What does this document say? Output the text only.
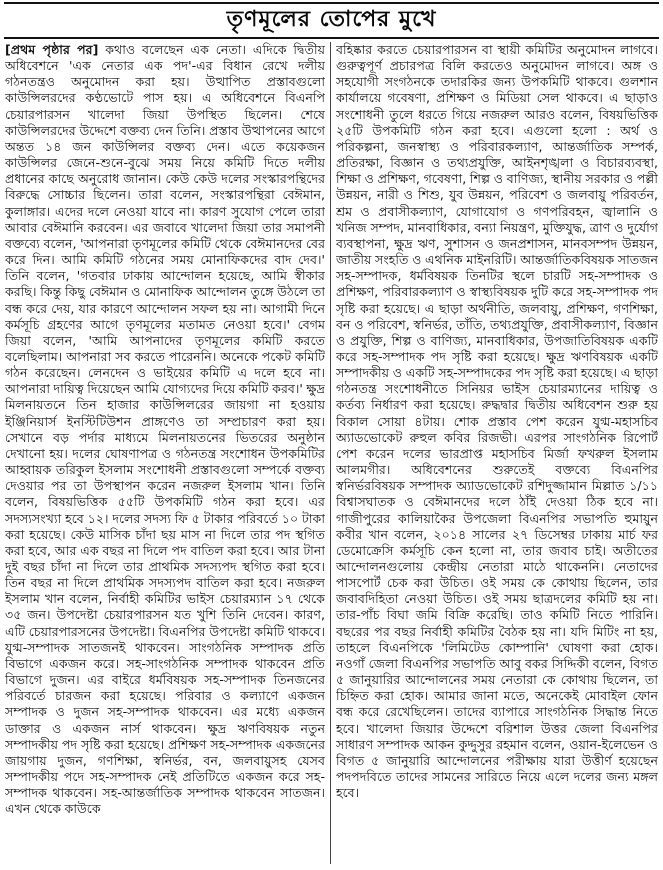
তৃণমূলের তোপের মুখে

[প্রথম পৃষ্ঠার পর] কথাও বলেছেন এক নেতা। এদিকে দ্বিতীয় অধিবেশনে 'এক নেতার এক পদ'-এর বিধান রেখে দলীয় গঠনতন্ত্রও অনুমোদন করা হয়। উত্থাপিত প্রস্তাবগুলো কাউন্সিলরদের কণ্ঠভোটে পাস হয়। এ অধিবেশনে বিএনপি চেয়ারপারসন খালেদা জিয়া উপস্থিত ছিলেন। শেষে কাউন্সিলরদের উদ্দেশে বক্তব্য দেন তিনি। প্রস্তাব উত্থাপনের আগে অন্তত ১৪ জন কাউন্সিলর বক্তব্য দেন। এতে কয়েকজন কাউন্সিলর জেনে-শুনে-বুঝে সময় নিয়ে কমিটি দিতে দলীয় প্রধানের কাছে অনুরোধ জানান। কেউ কেউ দলের সংস্কারপন্থিদের বিরুদ্ধে সোচ্চার ছিলেন। তারা বলেন, সংস্কারপন্থিরা বেঈমান, কুলাঙ্গার। এদের দলে নেওয়া যাবে না। কারণ সুযোগ পেলে তারা আবার বেঈমানি করবেন। এর জবাবে খালেদা জিয়া তার সমাপনী বক্তব্যে বলেন, 'আপনারা তৃণমূলের কমিটি থেকে বেঈমানদের বের করে দিন। আমি কমিটি গঠনের সময় মোনাফিকদের বাদ দেব।' তিনি বলেন, 'গতবার ঢাকায় আন্দোলন হয়েছে, আমি স্বীকার করছি। কিন্তু কিছু বেঈমান ও মোনাফিক আন্দোলন তুঙ্গে উঠলে তা বন্ধ করে দেয়, যার কারণে আন্দোলন সফল হয় না। আগামী দিনে কর্মসূচি গ্রহণের আগে তৃণমূলের মতামত নেওয়া হবে।' বেগম জিয়া বলেন, 'আমি আপনাদের তৃণমূলের কমিটি করতে বলেছিলাম। আপনারা সব করতে পারেননি। অনেকে পকেট কমিটি গঠন করেছেন। লেনদেন ও ভাইয়ের কমিটি এ দলে হবে না। আপনারা দায়িত্ব দিয়েছেন আমি যোগ্যদের দিয়ে কমিটি করব।' ক্ষুদ্র মিলনায়তনে তিন হাজার কাউন্সিলরের জায়গা না হওয়ায় ইঞ্জিনিয়ার্স ইনস্টিটিউশন প্রাঙ্গণেও তা সম্প্রচারণ করা হয়। সেখানে বড় পর্দার মাধ্যমে মিলনায়তনের ভিতরের অনুষ্ঠান দেখানো হয়। দলের ঘোষণাপত্র ও গঠনতন্ত্র সংশোধন উপকমিটির আহ্বায়ক তরিকুল ইসলাম সংশোধনী প্রস্তাবগুলো সম্পর্কে বক্তব্য দেওয়ার পর তা উপস্থাপন করেন নজরুল ইসলাম খান। তিনি বলেন, বিষয়ভিত্তিক ৫৫টি উপকমিটি গঠন করা হবে। এর সদস্যসংখ্যা হবে ১২। দলের সদস্য ফি ৫ টাকার পরিবর্তে ১০ টাকা করা হয়েছে। কেউ মাসিক চাঁদা ছয় মাস না দিলে তার পদ স্থগিত করা হবে, আর এক বছর না দিলে পদ বাতিল করা হবে। আর টানা দুই বছর চাঁদা না দিলে তার প্রাথমিক সদস্যপদ স্থগিত করা হবে। তিন বছর না দিলে প্রাথমিক সদস্যপদ বাতিল করা হবে। নজরুল ইসলাম খান বলেন, নির্বাহী কমিটির ভাইস চেয়ারম্যান ১৭ থেকে ৩৫ জন। উপদেষ্টা চেয়ারপারসন যত খুশি তিনি দেবেন। কারণ, এটি চেয়ারপারসনের উপদেষ্টা। বিএনপির উপদেষ্টা কমিটি থাকবে। যুগ্ম-সম্পাদক সাতজনই থাকবেন। সাংগঠনিক সম্পাদক প্রতি বিভাগে একজন করে। সহ-সাংগঠনিক সম্পাদক থাকবেন প্রতি বিভাগে দুজন। এর বাইরে ধর্মবিষয়ক সহ-সম্পাদক তিনজনের পরিবর্তে চারজন করা হয়েছে। পরিবার ও কল্যাণে একজন সম্পাদক ও দুজন সহ-সম্পাদক থাকবেন। এর মধ্যে একজন ডাক্তার ও একজন নার্স থাকবেন। ক্ষুদ্র ঋণবিষয়ক নতুন সম্পাদকীয় পদ সৃষ্টি করা হয়েছে। প্রশিক্ষণ সহ-সম্পাদক একজনের জায়গায় দুজন, গণশিক্ষা, স্বনির্ভর, বন, জলবায়ুসহ যেসব সম্পাদকীয় পদে সহ-সম্পাদক নেই প্রতিটিতে একজন করে সহ-সম্পাদক থাকবেন। সহ-আন্তর্জাতিক সম্পাদক থাকবেন সাতজন। এখন থেকে কাউকে

বহিষ্কার করতে চেয়ারপারসন বা স্থায়ী কমিটির অনুমোদন লাগবে। গুরুত্বপূর্ণ প্রচারপত্র বিলি করতেও অনুমোদন লাগবে। অঙ্গ ও সহযোগী সংগঠনকে তদারকির জন্য উপকমিটি থাকবে। গুলশান কার্যালয়ে গবেষণা, প্রশিক্ষণ ও মিডিয়া সেল থাকবে। এ ছাড়াও সংশোধনী তুলে ধরতে গিয়ে নজরুল আরও বলেন, বিষয়ভিত্তিক ২৫টি উপকমিটি গঠন করা হবে। এগুলো হলো : অর্থ ও পরিকল্পনা, জনস্বাস্থ্য ও পরিবারকল্যাণ, আন্তর্জাতিক সম্পর্ক, প্রতিরক্ষা, বিজ্ঞান ও তথ্যপ্রযুক্তি, আইনশৃঙ্খলা ও বিচারব্যবস্থা, শিক্ষা ও প্রশিক্ষণ, গবেষণা, শিল্প ও বাণিজ্য, স্থানীয় সরকার ও পল্লী উন্নয়ন, নারী ও শিশু, যুব উন্নয়ন, পরিবেশ ও জলবায়ু পরিবর্তন, শ্রম ও প্রবাসীকল্যাণ, যোগাযোগ ও গণপরিবহন, জ্বালানি ও খনিজ সম্পদ, মানবাধিকার, বন্যা নিয়ন্ত্রণ, মুক্তিযুদ্ধ, ত্রাণ ও দুর্যোগ ব্যবস্থাপনা, ক্ষুদ্র ঋণ, সুশাসন ও জনপ্রশাসন, মানবসম্পদ উন্নয়ন, জাতীয় সংহতি ও এথনিক মাইনরিটি। আন্তর্জাতিকবিষয়ক সাতজন সহ-সম্পাদক, ধর্মবিষয়ক তিনটির স্থলে চারটি সহ-সম্পাদক ও প্রশিক্ষণ, পরিবারকল্যাণ ও স্বাস্থ্যবিষয়ক দুটি করে সহ-সম্পাদক পদ সৃষ্টি করা হয়েছে। এ ছাড়া অর্থনীতি, জলবায়ু, প্রশিক্ষণ, গণশিক্ষা, বন ও পরিবেশ, স্বনির্ভর, তাঁতি, তথ্যপ্রযুক্তি, প্রবাসীকল্যাণ, বিজ্ঞান ও প্রযুক্তি, শিল্প ও বাণিজ্য, মানবাধিকার, উপজাতিবিষয়ক একটি করে সহ-সম্পাদক পদ সৃষ্টি করা হয়েছে। ক্ষুদ্র ঋণবিষয়ক একটি সম্পাদকীয় ও একটি সহ-সম্পাদকের পদ সৃষ্টি করা হয়েছে। এ ছাড়া গঠনতন্ত্র সংশোধনীতে সিনিয়র ভাইস চেয়ারম্যানের দায়িত্ব ও কর্তব্য নির্ধারণ করা হয়েছে। রুদ্ধদ্বার দ্বিতীয় অধিবেশন শুরু হয় বিকাল সোয়া ৪টায়। শোক প্রস্তাব পেশ করেন যুগ্ম-মহাসচিব অ্যাডভোকেট রুহুল কবির রিজভী। এরপর সাংগঠনিক রিপোর্ট পেশ করেন দলের ভারপ্রাপ্ত মহাসচিব মির্জা ফখরুল ইসলাম আলমগীর। অধিবেশনের শুরুতেই বক্তব্যে বিএনপির স্বনির্ভরবিষয়ক সম্পাদক অ্যাডভোকেট রশিদুজ্জামান মিল্লাত ১/১১ বিশ্বাসঘাতক ও বেঈমানদের দলে ঠাঁই দেওয়া ঠিক হবে না। গাজীপুরের কালিয়াকৈর উপজেলা বিএনপির সভাপতি হুমায়ুন কবীর খান বলেন, ২০১৪ সালের ২৭ ডিসেম্বর ঢাকায় মার্চ ফর ডেমোক্রেসি কর্মসূচি কেন হলো না, তার জবাব চাই। অতীতের আন্দোলনগুলোয় কেন্দ্রীয় নেতারা মাঠে থাকেননি। নেতাদের পাসপোর্ট চেক করা উচিত। ওই সময় কে কোথায় ছিলেন, তার জবাবদিহিতা নেওয়া উচিত। ওই সময় ছাত্রদলের কমিটি হয় না। তার-পাঁচ বিঘা জমি বিক্রি করেছি। তাও কমিটি নিতে পারিনি। বছরের পর বছর নির্বাহী কমিটির বৈঠক হয় না। যদি মিটিং না হয়, তাহলে বিএনপিকে 'লিমিটেড কোম্পানি' ঘোষণা করা হোক। নওগাঁ জেলা বিএনপির সভাপতি আবু বকর সিদ্দিকী বলেন, বিগত ৫ জানুয়ারির আন্দোলনের সময় নেতারা কে কোথায় ছিলেন, তা চিহ্নিত করা হোক। আমার জানা মতে, অনেকেই মোবাইল ফোন বন্ধ করে রেখেছিলেন। তাদের ব্যাপারে সাংগঠনিক সিদ্ধান্ত নিতে হবে। খালেদা জিয়ার উদ্দেশে বরিশাল উত্তর জেলা বিএনপির সাধারণ সম্পাদক আকন কুদ্দুসুর রহমান বলেন, ওয়ান-ইলেভেন ও বিগত ৫ জানুয়ারি আন্দোলনের পরীক্ষায় যারা উত্তীর্ণ হয়েছেন পদপদবিতে তাদের সামনের সারিতে নিয়ে এলে দলের জন্য মঙ্গল হবে।
